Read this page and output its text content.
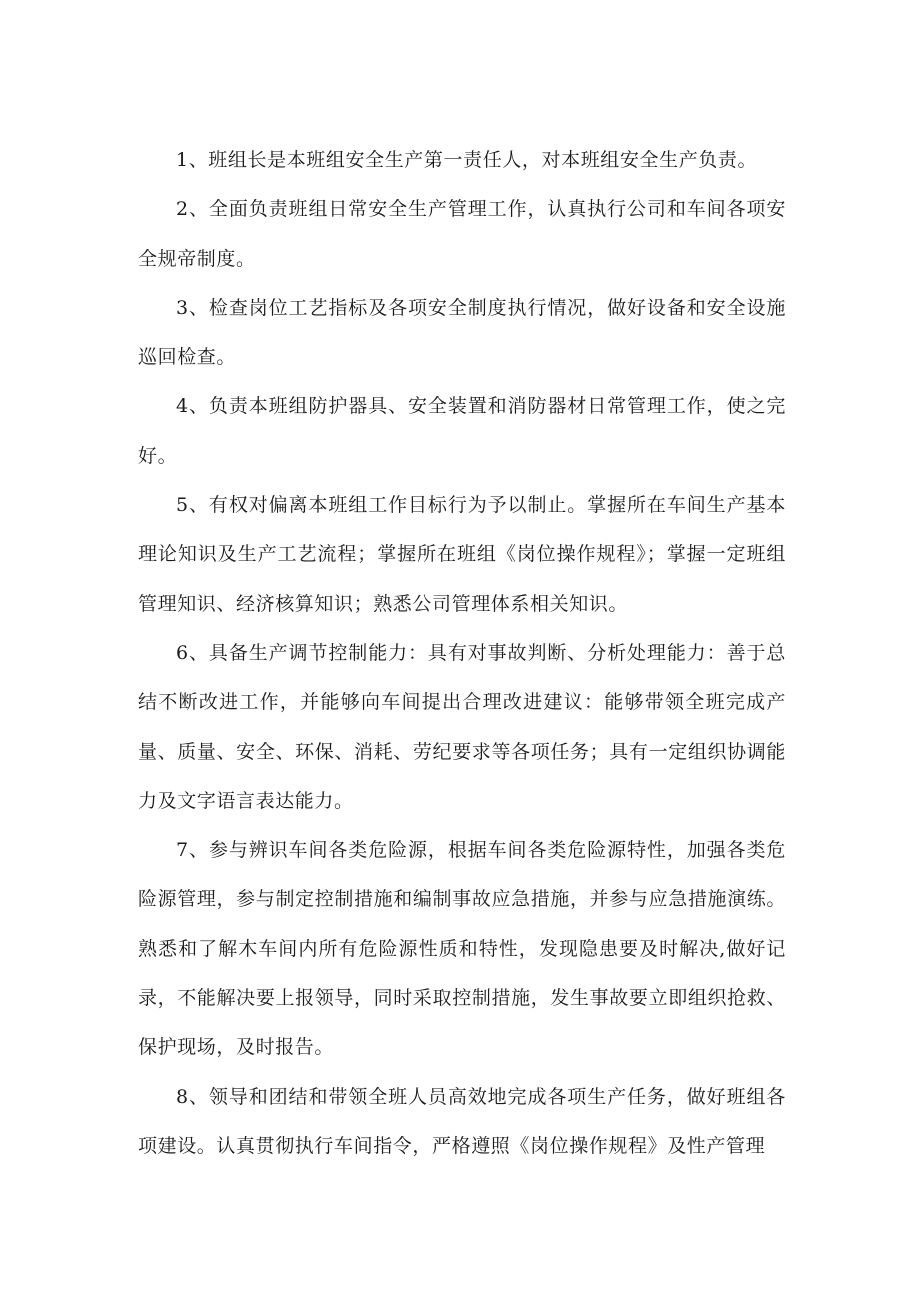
1、班组长是本班组安全生产第一责任人，对本班组安全生产负责。

2、全面负责班组日常安全生产管理工作，认真执行公司和车间各项安全规帝制度。

3、检查岗位工艺指标及各项安全制度执行情况，做好设备和安全设施巡回检查。

4、负责本班组防护器具、安全装置和消防器材日常管理工作，使之完好。

5、有权对偏离本班组工作目标行为予以制止。掌握所在车间生产基本理论知识及生产工艺流程；掌握所在班组《岗位操作规程》；掌握一定班组管理知识、经济核算知识；熟悉公司管理体系相关知识。

6、具备生产调节控制能力：具有对事故判断、分析处理能力：善于总结不断改进工作，并能够向车间提出合理改进建议：能够带领全班完成产量、质量、安全、环保、消耗、劳纪要求等各项任务；具有一定组织协调能力及文字语言表达能力。

7、参与辨识车间各类危险源，根据车间各类危险源特性，加强各类危险源管理，参与制定控制措施和编制事故应急措施，并参与应急措施演练。熟悉和了解木车间内所有危险源性质和特性，发现隐患要及时解决,做好记录，不能解决要上报领导，同时采取控制措施，发生事故要立即组织抢救、保护现场，及时报告。

8、领导和团结和带领全班人员高效地完成各项生产任务，做好班组各项建设。认真贯彻执行车间指令，严格遵照《岗位操作规程》及性产管理
